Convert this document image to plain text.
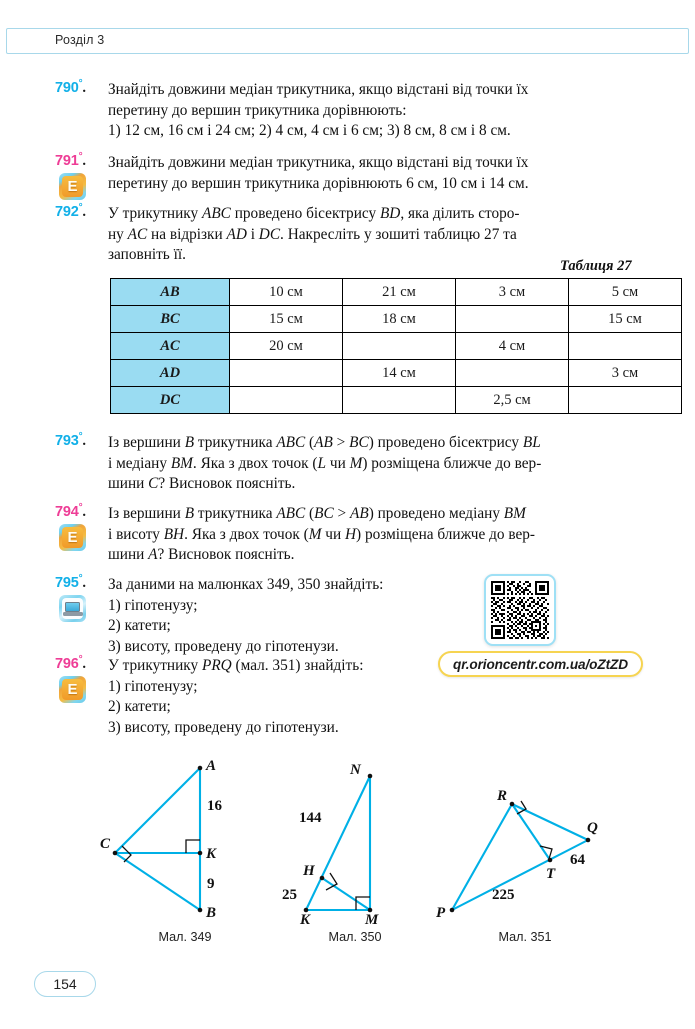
Розділ 3
790°.	Знайдіть довжини медіан трикутника, якщо відстані від точки їх
перетину до вершин трикутника дорівнюють:
1) 12 см, 16 см і 24 см; 2) 4 см, 4 см і 6 см; 3) 8 см, 8 см і 8 см.
791°.
E
Знайдіть довжини медіан трикутника, якщо відстані від точки їх
перетину до вершин трикутника дорівнюють 6 см, 10 см і 14 см.
792°.	У трикутнику ABC проведено бісектрису BD, яка ділить сторо-
ну AC на відрізки AD і DC. Накресліть у зошиті таблицю 27 та
заповніть її.
Таблиця 27
AB	10 см	21 см	3 см	5 см
BC	15 см	18 см		15 см
AC	20 см		4 см	
AD		14 см		3 см
DC			2,5 см	
793°.	Із вершини B трикутника ABC (AB > BC) проведено бісектрису BL
і медіану BM. Яка з двох точок (L чи M) розміщена ближче до вер-
шини C? Висновок поясніть.
794°.
E
Із вершини B трикутника ABC (BC > AB) проведено медіану BM
і висоту BH. Яка з двох точок (M чи H) розміщена ближче до вер-
шини A? Висновок поясніть.
795°.	За даними на малюнках 349, 350 знайдіть:
1) гіпотенузу;
2) катети;
3) висоту, проведену до гіпотенузи.
796°.
E
У трикутнику PRQ (мал. 351) знайдіть:
1) гіпотенузу;
2) катети;
3) висоту, проведену до гіпотенузи.
qr.orioncentr.com.ua/oZtZD
A
B
C
K
16
9
Мал. 349
N
K	M
H
144
25
Мал. 350
R
Q
P
T
64
225
Мал. 351
154
